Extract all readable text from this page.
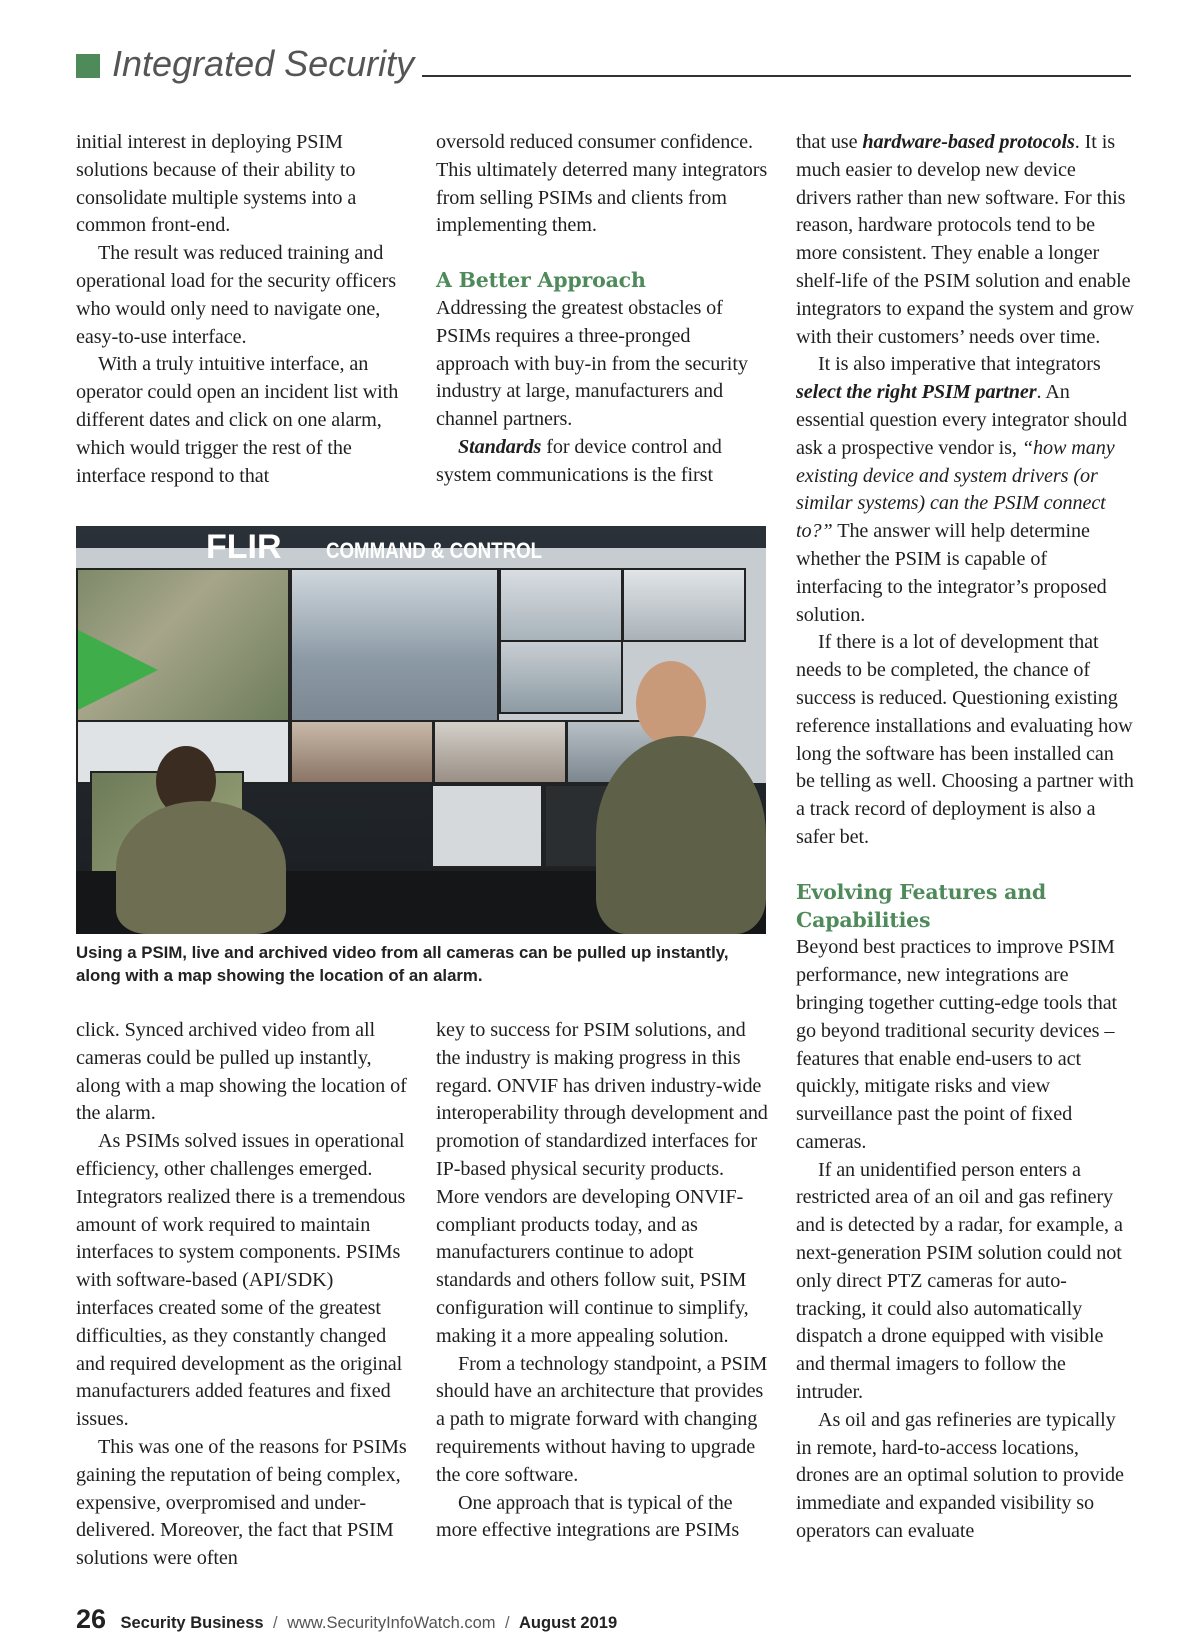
Integrated Security

initial interest in deploying PSIM solutions because of their ability to consolidate multiple systems into a common front-end.

The result was reduced training and operational load for the security officers who would only need to navigate one, easy-to-use interface.

With a truly intuitive interface, an operator could open an incident list with different dates and click on one alarm, which would trigger the rest of the interface respond to that

oversold reduced consumer confidence. This ultimately deterred many integrators from selling PSIMs and clients from implementing them.

A Better Approach

Addressing the greatest obstacles of PSIMs requires a three-pronged approach with buy-in from the security industry at large, manufacturers and channel partners.

Standards for device control and system communications is the first

that use hardware-based protocols. It is much easier to develop new device drivers rather than new software. For this reason, hardware protocols tend to be more consistent. They enable a longer shelf-life of the PSIM solution and enable integrators to expand the system and grow with their customers’ needs over time.

It is also imperative that integrators select the right PSIM partner. An essential question every integrator should ask a prospective vendor is, “how many existing device and system drivers (or similar systems) can the PSIM connect to?” The answer will help determine whether the PSIM is capable of interfacing to the integrator’s proposed solution.

If there is a lot of development that needs to be completed, the chance of success is reduced. Questioning existing reference installations and evaluating how long the software has been installed can be telling as well. Choosing a partner with a track record of deployment is also a safer bet.

Evolving Features and Capabilities

Beyond best practices to improve PSIM performance, new integrations are bringing together cutting-edge tools that go beyond traditional security devices – features that enable end-users to act quickly, mitigate risks and view surveillance past the point of fixed cameras.

If an unidentified person enters a restricted area of an oil and gas refinery and is detected by a radar, for example, a next-generation PSIM solution could not only direct PTZ cameras for auto-tracking, it could also automatically dispatch a drone equipped with visible and thermal imagers to follow the intruder.

As oil and gas refineries are typically in remote, hard-to-access locations, drones are an optimal solution to provide immediate and expanded visibility so operators can evaluate

FLIR COMMAND & CONTROL
Using a PSIM, live and archived video from all cameras can be pulled up instantly, along with a map showing the location of an alarm.

click. Synced archived video from all cameras could be pulled up instantly, along with a map showing the location of the alarm.

As PSIMs solved issues in operational efficiency, other challenges emerged. Integrators realized there is a tremendous amount of work required to maintain interfaces to system components. PSIMs with software-based (API/SDK) interfaces created some of the greatest difficulties, as they constantly changed and required development as the original manufacturers added features and fixed issues.

This was one of the reasons for PSIMs gaining the reputation of being complex, expensive, overpromised and under-delivered. Moreover, the fact that PSIM solutions were often

key to success for PSIM solutions, and the industry is making progress in this regard. ONVIF has driven industry-wide interoperability through development and promotion of standardized interfaces for IP-based physical security products. More vendors are developing ONVIF-compliant products today, and as manufacturers continue to adopt standards and others follow suit, PSIM configuration will continue to simplify, making it a more appealing solution.

From a technology standpoint, a PSIM should have an architecture that provides a path to migrate forward with changing requirements without having to upgrade the core software.

One approach that is typical of the more effective integrations are PSIMs

26 Security Business / www.SecurityInfoWatch.com / August 2019
